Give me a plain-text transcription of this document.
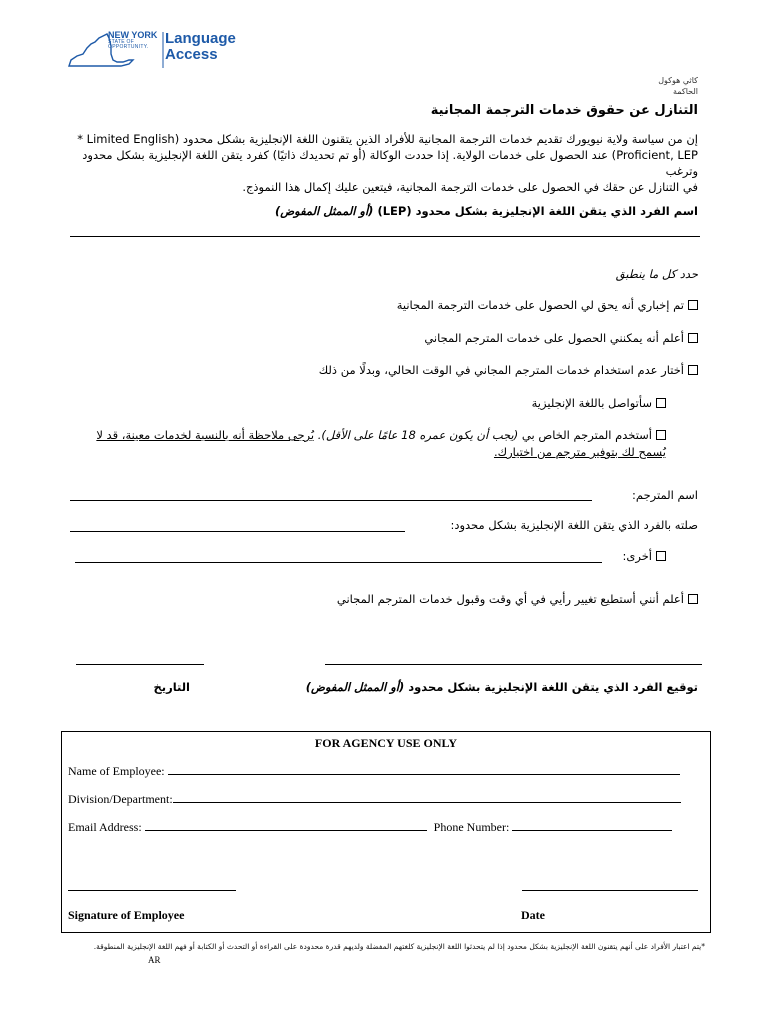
NEW YORK
STATE OF
OPPORTUNITY.	Language Access
كاثي هوكول
الحاكمة
التنازل عن حقوق خدمات الترجمة المجانية
إن من سياسة ولاية نيويورك تقديم خدمات الترجمة المجانية للأفراد الذين يتقنون اللغة الإنجليزية بشكل محدود (Limited English *
Proficient, LEP) عند الحصول على خدمات الولاية. إذا حددت الوكالة (أو تم تحديدك ذاتيًا) كفرد يتقن اللغة الإنجليزية بشكل محدود وترغب
في التنازل عن حقك في الحصول على خدمات الترجمة المجانية، فيتعين عليك إكمال هذا النموذج.
اسم الفرد الذي يتقن اللغة الإنجليزية بشكل محدود (LEP) (أو الممثل المفوض)
حدد كل ما ينطبق
تم إخباري أنه يحق لي الحصول على خدمات الترجمة المجانية
أعلم أنه يمكنني الحصول على خدمات المترجم المجاني
أختار عدم استخدام خدمات المترجم المجاني في الوقت الحالي، وبدلًا من ذلك
سأتواصل باللغة الإنجليزية
أستخدم المترجم الخاص بي (يجب أن يكون عمره 18 عامًا على الأقل). يُرجى ملاحظة أنه بالنسبة لخدمات معينة، قد لا
يُسمح لك بتوفير مترجم من اختيارك.
اسم المترجم:
صلته بالفرد الذي يتقن اللغة الإنجليزية بشكل محدود:
أخرى:
أعلم أنني أستطيع تغيير رأيي في أي وقت وقبول خدمات المترجم المجاني
توقيع الفرد الذي يتقن اللغة الإنجليزية بشكل محدود (أو الممثل المفوض)
التاريخ
FOR AGENCY USE ONLY
Name of Employee:
Division/Department:
Email Address:	Phone Number:
Signature of Employee	Date
*يتم اعتبار الأفراد على أنهم يتقنون اللغة الإنجليزية بشكل محدود إذا لم يتحدثوا اللغة الإنجليزية كلغتهم المفضلة ولديهم قدرة محدودة على القراءة أو التحدث أو الكتابة أو فهم اللغة الإنجليزية المنطوقة.
AR
